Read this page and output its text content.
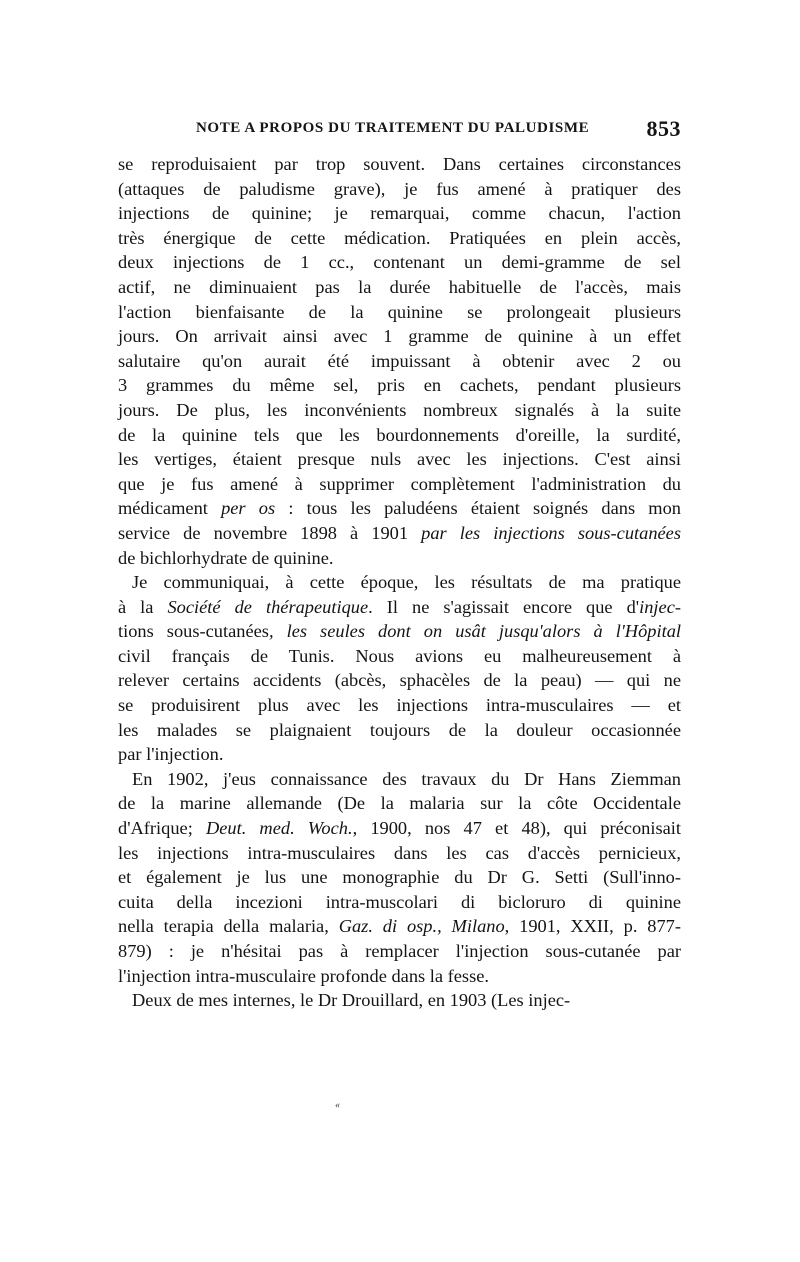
NOTE A PROPOS DU TRAITEMENT DU PALUDISME	853
se reproduisaient par trop souvent. Dans certaines circonstances
(attaques de paludisme grave), je fus amené à pratiquer des
injections de quinine; je remarquai, comme chacun, l'action
très énergique de cette médication. Pratiquées en plein accès,
deux injections de 1 cc., contenant un demi-gramme de sel
actif, ne diminuaient pas la durée habituelle de l'accès, mais
l'action bienfaisante de la quinine se prolongeait plusieurs
jours. On arrivait ainsi avec 1 gramme de quinine à un effet
salutaire qu'on aurait été impuissant à obtenir avec 2 ou
3 grammes du même sel, pris en cachets, pendant plusieurs
jours. De plus, les inconvénients nombreux signalés à la suite
de la quinine tels que les bourdonnements d'oreille, la surdité,
les vertiges, étaient presque nuls avec les injections. C'est ainsi
que je fus amené à supprimer complètement l'administration du
médicament per os : tous les paludéens étaient soignés dans mon
service de novembre 1898 à 1901 par les injections sous-cutanées
de bichlorhydrate de quinine.
Je communiquai, à cette époque, les résultats de ma pratique
à la Société de thérapeutique. Il ne s'agissait encore que d'injec-
tions sous-cutanées, les seules dont on usât jusqu'alors à l'Hôpital
civil français de Tunis. Nous avions eu malheureusement à
relever certains accidents (abcès, sphacèles de la peau) — qui ne
se produisirent plus avec les injections intra-musculaires — et
les malades se plaignaient toujours de la douleur occasionnée
par l'injection.
En 1902, j'eus connaissance des travaux du Dr Hans Ziemman
de la marine allemande (De la malaria sur la côte Occidentale
d'Afrique; Deut. med. Woch., 1900, nos 47 et 48), qui préconisait
les injections intra-musculaires dans les cas d'accès pernicieux,
et également je lus une monographie du Dr G. Setti (Sull'inno-
cuita della incezioni intra-muscolari di bicloruro di quinine
nella terapia della malaria, Gaz. di osp., Milano, 1901, XXII, p. 877-
879) : je n'hésitai pas à remplacer l'injection sous-cutanée par
l'injection intra-musculaire profonde dans la fesse.
Deux de mes internes, le Dr Drouillard, en 1903 (Les injec-
«
